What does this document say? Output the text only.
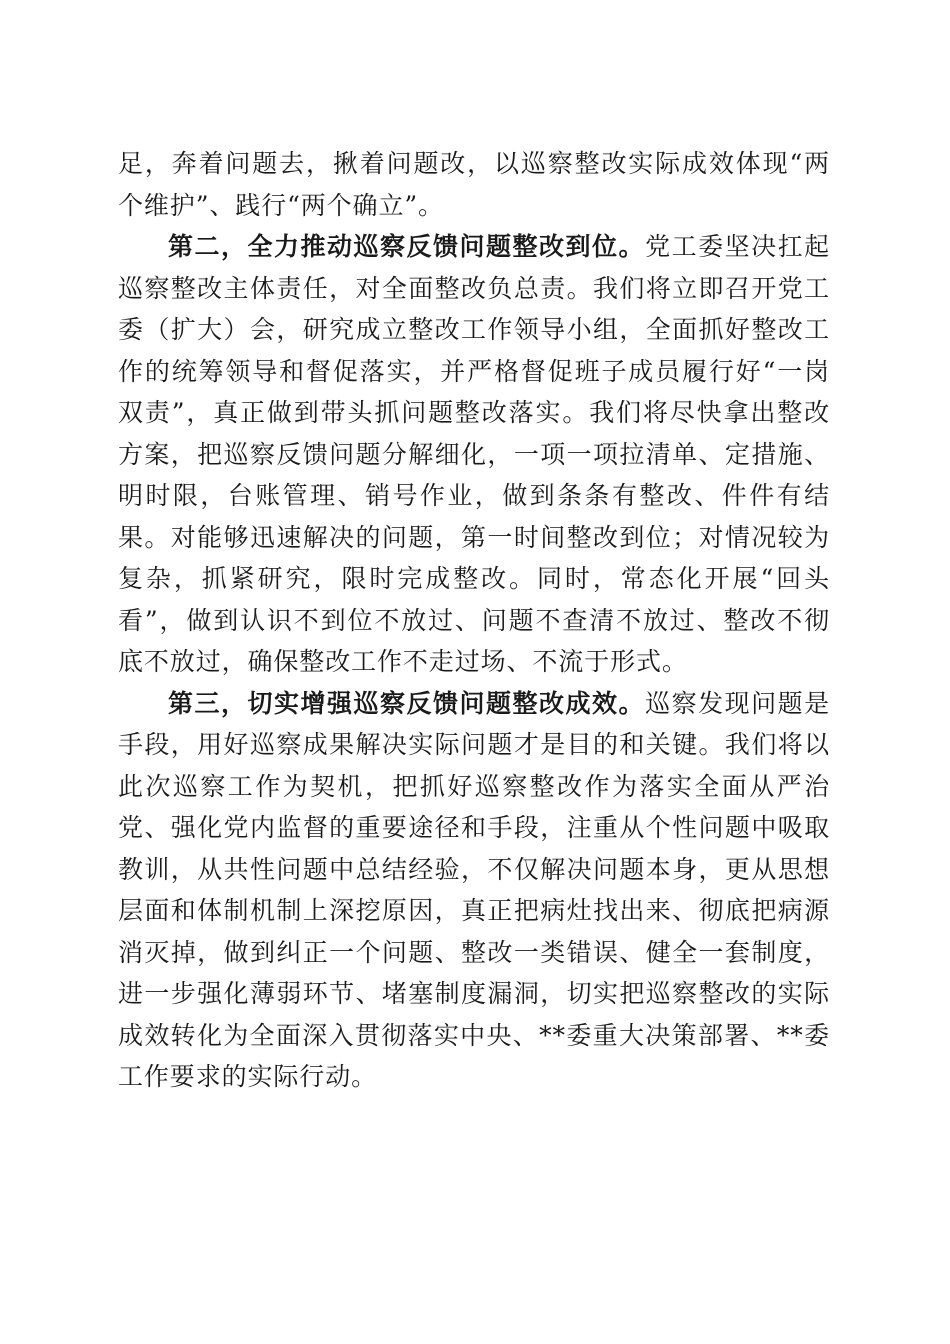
足，奔着问题去，揪着问题改，以巡察整改实际成效体现“两个维护”、践行“两个确立”。

第二，全力推动巡察反馈问题整改到位。党工委坚决扛起巡察整改主体责任，对全面整改负总责。我们将立即召开党工委（扩大）会，研究成立整改工作领导小组，全面抓好整改工作的统筹领导和督促落实，并严格督促班子成员履行好“一岗双责”，真正做到带头抓问题整改落实。我们将尽快拿出整改方案，把巡察反馈问题分解细化，一项一项拉清单、定措施、明时限，台账管理、销号作业，做到条条有整改、件件有结果。对能够迅速解决的问题，第一时间整改到位；对情况较为复杂，抓紧研究，限时完成整改。同时，常态化开展“回头看”，做到认识不到位不放过、问题不查清不放过、整改不彻底不放过，确保整改工作不走过场、不流于形式。

第三，切实增强巡察反馈问题整改成效。巡察发现问题是手段，用好巡察成果解决实际问题才是目的和关键。我们将以此次巡察工作为契机，把抓好巡察整改作为落实全面从严治党、强化党内监督的重要途径和手段，注重从个性问题中吸取教训，从共性问题中总结经验，不仅解决问题本身，更从思想层面和体制机制上深挖原因，真正把病灶找出来、彻底把病源消灭掉，做到纠正一个问题、整改一类错误、健全一套制度，进一步强化薄弱环节、堵塞制度漏洞，切实把巡察整改的实际成效转化为全面深入贯彻落实中央、**委重大决策部署、**委工作要求的实际行动。
